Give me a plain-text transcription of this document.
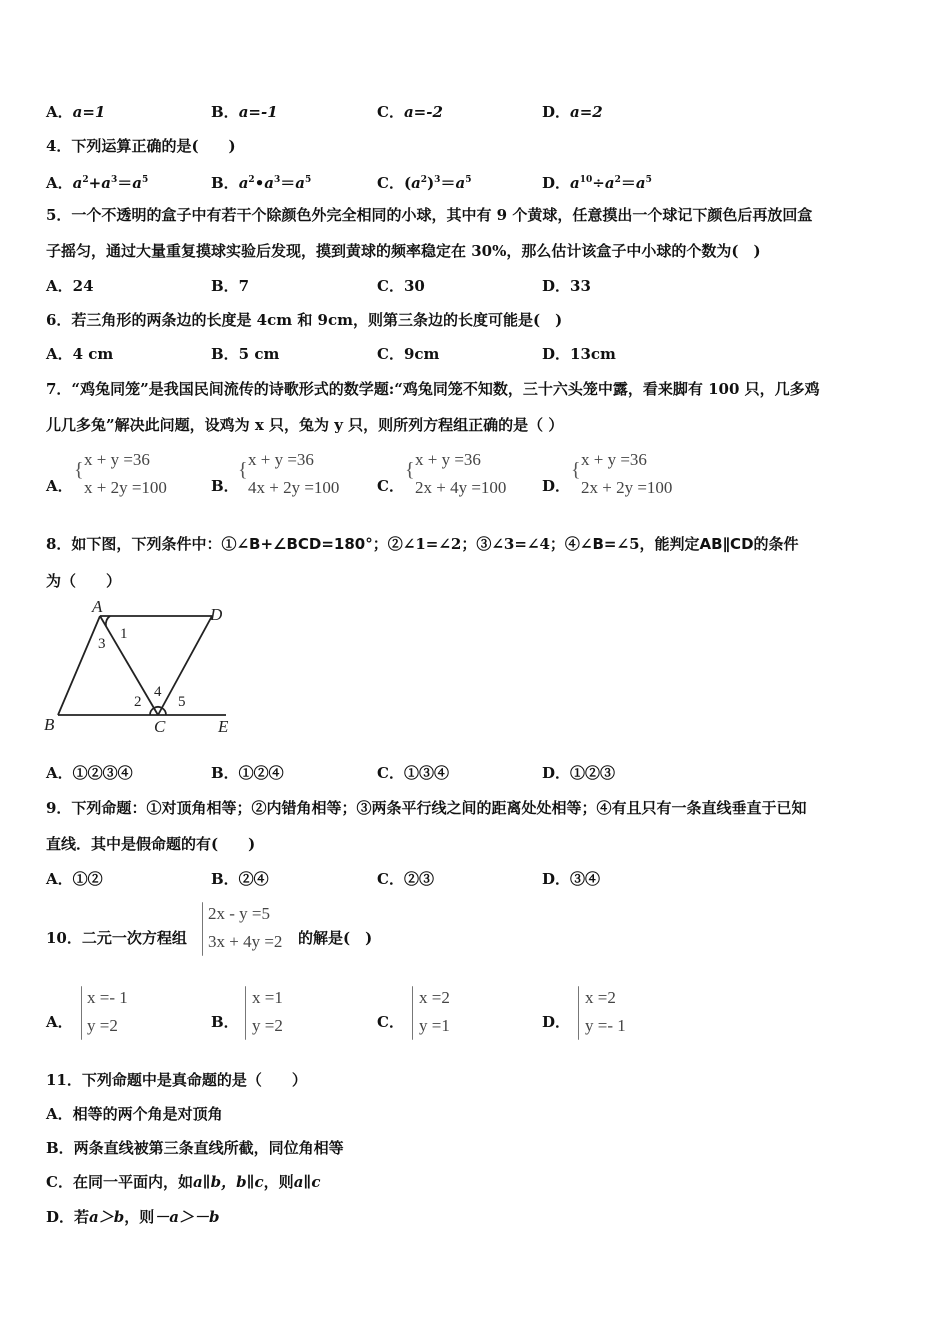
A．a=1	B．a=-1	C．a=-2	D．a=2
4．下列运算正确的是(　　)
A．$a^2+a^3=a^5$	B．$a^2•a^3=a^5$	C．$(a^2)^3=a^5$	D．$a^{10}\div a^2=a^5$
5．一个不透明的盒子中有若干个除颜色外完全相同的小球，其中有 9 个黄球，任意摸出一个球记下颜色后再放回盒
子摇匀，通过大量重复摸球实验后发现，摸到黄球的频率稳定在 30%，那么估计该盒子中小球的个数为(　)
A．24	B．7	C．30	D．33
6．若三角形的两条边的长度是 4cm 和 9cm，则第三条边的长度可能是(　)
A．4 cm	B．5 cm	C．9cm	D．13cm
7．“鸡兔同笼”是我国民间流传的诗歌形式的数学题:“鸡兔同笼不知数，三十六头笼中露，看来脚有 100 只，几多鸡
儿几多兔”解决此问题，设鸡为 x 只，兔为 y 只，则所列方程组正确的是（ ）
A．
{ x + y =36
x + 2y =100	B．
{ x + y =36
4x + 2y =100	C．
{ x + y =36
2x + 4y =100 D．
{ x + y =36
2x + 2y =100
8．如下图，下列条件中：①∠B+∠BCD=180°；②∠1=∠2；③∠3=∠4；④∠B=∠5，能判定AB∥CD的条件
为（　　）
A	D
B	C	E
1
3
2
4
5
A．①②③④	B．①②④	C．①③④	D．①②③
9．下列命题：①对顶角相等；②内错角相等；③两条平行线之间的距离处处相等；④有且只有一条直线垂直于已知
直线．其中是假命题的有(　　)
A．①②	B．②④	C．②③	D．③④
10．二元一次方程组
2x - y =5
3x + 4y =2 的解是(　)
A．
x =- 1
y =2	B．
x =1
y =2	C．
x =2
y =1	D．
x =2
y =- 1
11．下列命题中是真命题的是（　　）
A．相等的两个角是对顶角
B．两条直线被第三条直线所截，同位角相等
C．在同一平面内，如a∥b，b∥c，则a∥c
D．若a＞b，则－a＞－b
